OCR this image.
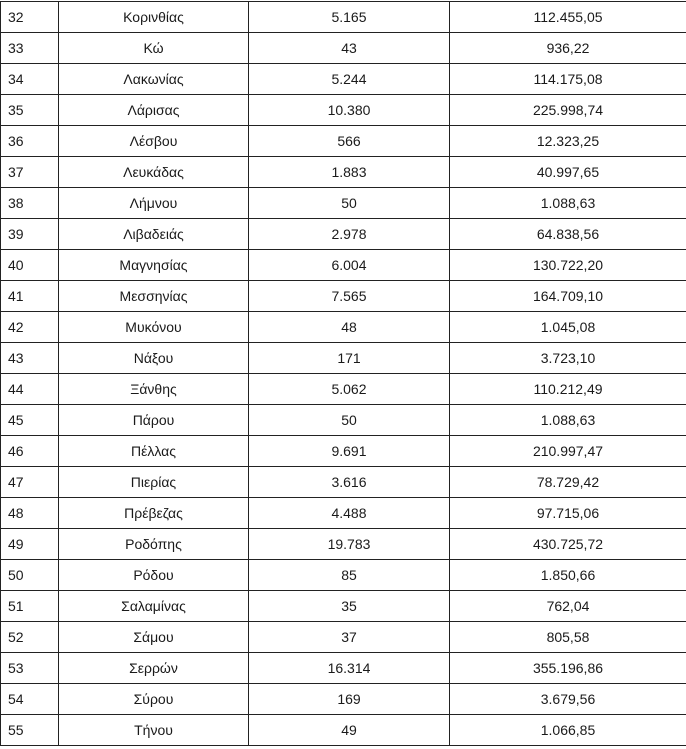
32	Κορινθίας	5.165	112.455,05
33	Κώ	43	936,22
34	Λακωνίας	5.244	114.175,08
35	Λάρισας	10.380	225.998,74
36	Λέσβου	566	12.323,25
37	Λευκάδας	1.883	40.997,65
38	Λήμνου	50	1.088,63
39	Λιβαδειάς	2.978	64.838,56
40	Μαγνησίας	6.004	130.722,20
41	Μεσσηνίας	7.565	164.709,10
42	Μυκόνου	48	1.045,08
43	Νάξου	171	3.723,10
44	Ξάνθης	5.062	110.212,49
45	Πάρου	50	1.088,63
46	Πέλλας	9.691	210.997,47
47	Πιερίας	3.616	78.729,42
48	Πρέβεζας	4.488	97.715,06
49	Ροδόπης	19.783	430.725,72
50	Ρόδου	85	1.850,66
51	Σαλαμίνας	35	762,04
52	Σάμου	37	805,58
53	Σερρών	16.314	355.196,86
54	Σύρου	169	3.679,56
55	Τήνου	49	1.066,85
